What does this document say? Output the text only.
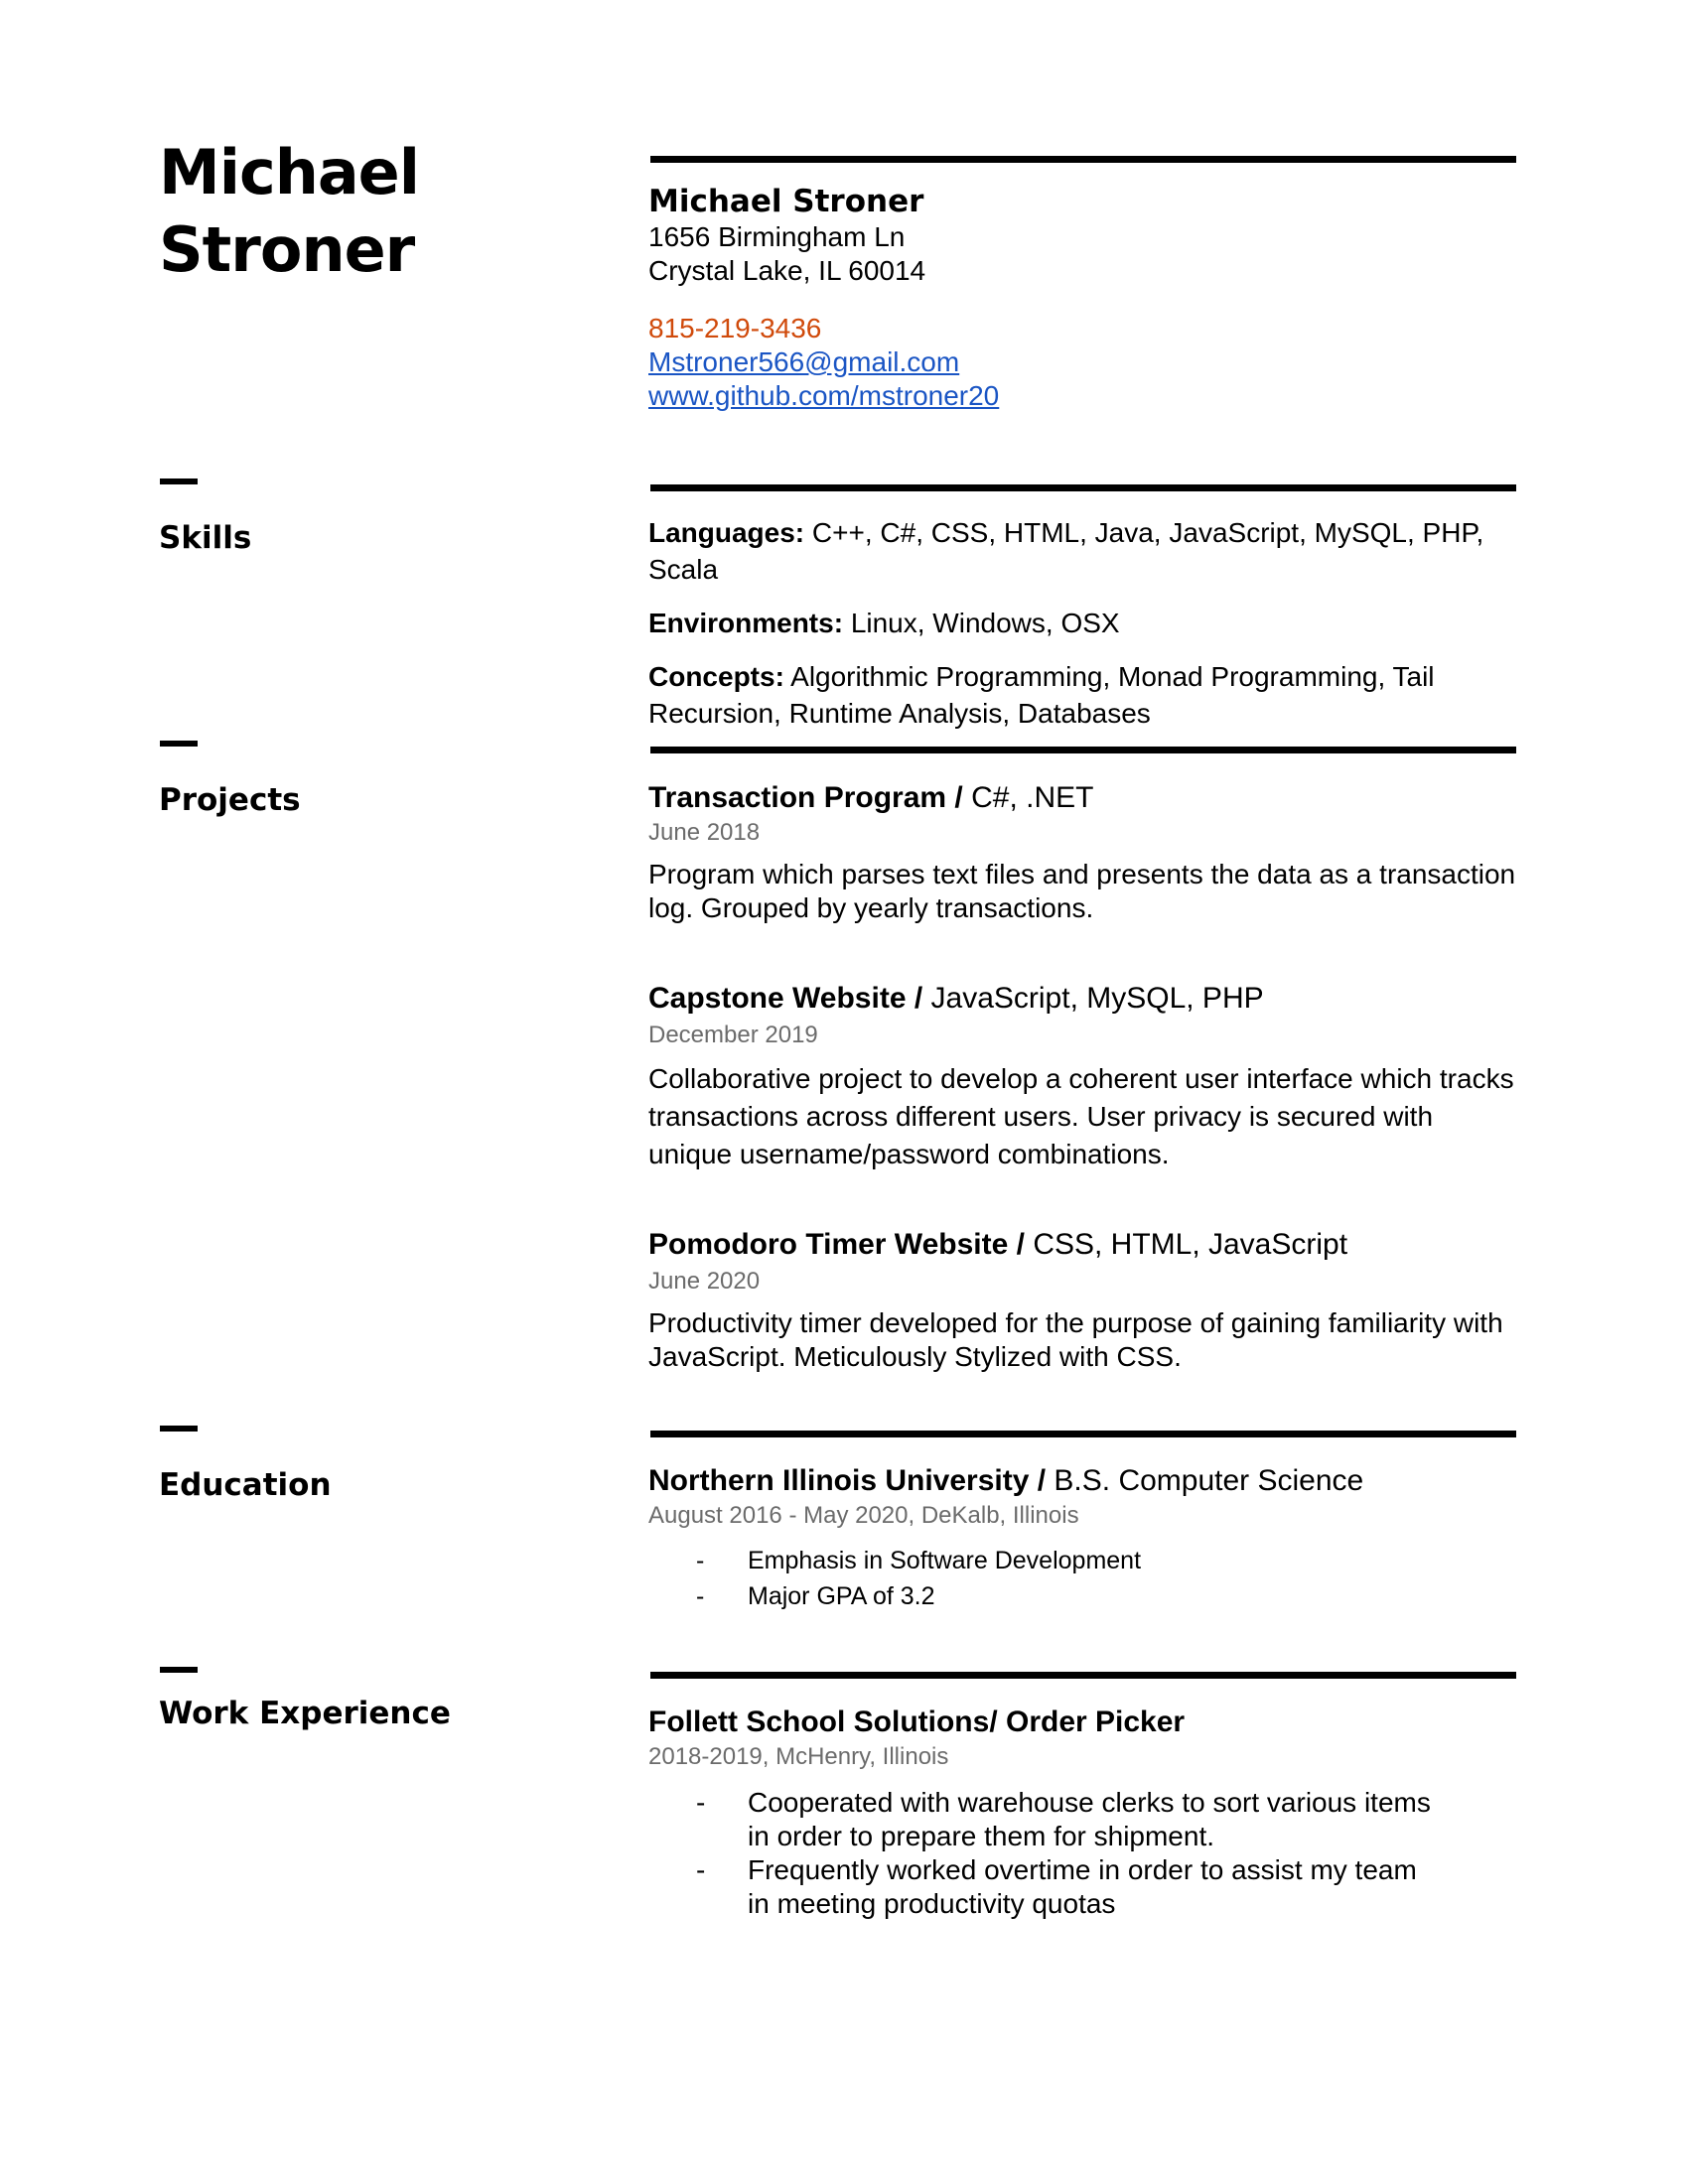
Michael
Stroner
Michael Stroner
1656 Birmingham Ln
Crystal Lake, IL 60014
815-219-3436
Mstroner566@gmail.com
www.github.com/mstroner20
Skills	Languages: C++, C#, CSS, HTML, Java, JavaScript, MySQL, PHP, Scala
Environments: Linux, Windows, OSX
Concepts: Algorithmic Programming, Monad Programming, Tail Recursion, Runtime Analysis, Databases
Projects	Transaction Program / C#, .NET
June 2018
Program which parses text files and presents the data as a transaction log. Grouped by yearly transactions.
Capstone Website / JavaScript, MySQL, PHP
December 2019
Collaborative project to develop a coherent user interface which tracks transactions across different users. User privacy is secured with unique username/password combinations.
Pomodoro Timer Website / CSS, HTML, JavaScript
June 2020
Productivity timer developed for the purpose of gaining familiarity with JavaScript. Meticulously Stylized with CSS.
Education	Northern Illinois University / B.S. Computer Science
August 2016 - May 2020, DeKalb, Illinois
- Emphasis in Software Development
- Major GPA of 3.2
Work Experience	Follett School Solutions/ Order Picker
2018-2019, McHenry, Illinois
- Cooperated with warehouse clerks to sort various items in order to prepare them for shipment.
- Frequently worked overtime in order to assist my team in meeting productivity quotas
